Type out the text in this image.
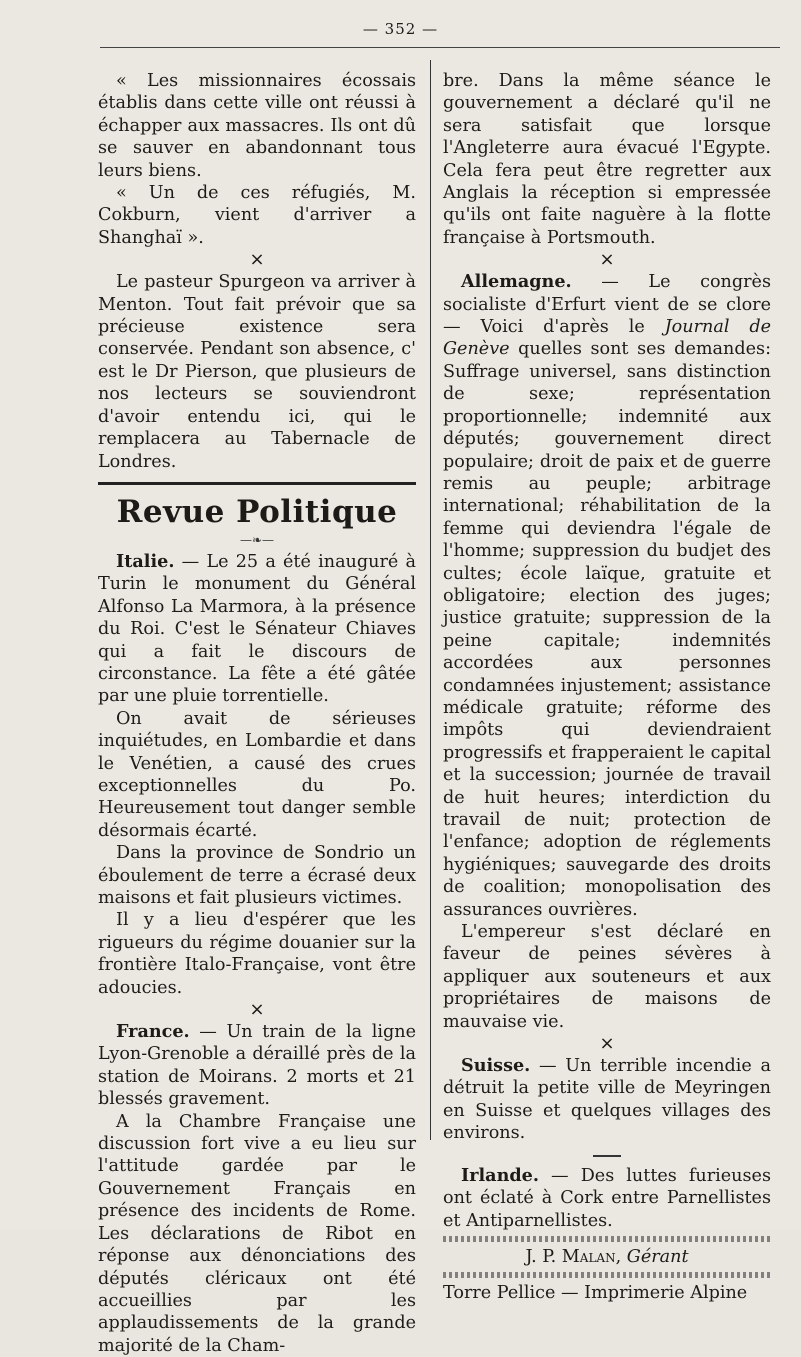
— 352 —

« Les missionnaires écossais établis dans cette ville ont réussi à échapper aux massacres. Ils ont dû se sauver en abandonnant tous leurs biens.

« Un de ces réfugiés, M. Cokburn, vient d'arriver a Shanghaï ».

×

Le pasteur Spurgeon va arriver à Menton. Tout fait prévoir que sa précieuse existence sera conservée. Pendant son absence, c' est le Dr Pierson, que plusieurs de nos lecteurs se souviendront d'avoir entendu ici, qui le remplacera au Tabernacle de Londres.

Revue Politique
—❧—

Italie. — Le 25 a été inauguré à Turin le monument du Général Alfonso La Marmora, à la présence du Roi. C'est le Sénateur Chiaves qui a fait le discours de circonstance. La fête a été gâtée par une pluie torrentielle.

On avait de sérieuses inquiétudes, en Lombardie et dans le Venétien, a causé des crues exceptionnelles du Po. Heureusement tout danger semble désormais écarté.

Dans la province de Sondrio un éboulement de terre a écrasé deux maisons et fait plusieurs victimes.

Il y a lieu d'espérer que les rigueurs du régime douanier sur la frontière Italo-Française, vont être adoucies.

×

France. — Un train de la ligne Lyon-Grenoble a déraillé près de la station de Moirans. 2 morts et 21 blessés gravement.

A la Chambre Française une discussion fort vive a eu lieu sur l'attitude gardée par le Gouvernement Français en présence des incidents de Rome. Les déclarations de Ribot en réponse aux dénonciations des députés cléricaux ont été accueillies par les applaudissements de la grande majorité de la Cham-

bre. Dans la même séance le gouvernement a déclaré qu'il ne sera satisfait que lorsque l'Angleterre aura évacué l'Egypte. Cela fera peut être regretter aux Anglais la réception si empressée qu'ils ont faite naguère à la flotte française à Portsmouth.

×

Allemagne. — Le congrès socialiste d'Erfurt vient de se clore — Voici d'après le Journal de Genève quelles sont ses demandes: Suffrage universel, sans distinction de sexe; représentation proportionnelle; indemnité aux députés; gouvernement direct populaire; droit de paix et de guerre remis au peuple; arbitrage international; réhabilitation de la femme qui deviendra l'égale de l'homme; suppression du budjet des cultes; école laïque, gratuite et obligatoire; election des juges; justice gratuite; suppression de la peine capitale; indemnités accordées aux personnes condamnées injustement; assistance médicale gratuite; réforme des impôts qui deviendraient progressifs et frapperaient le capital et la succession; journée de travail de huit heures; interdiction du travail de nuit; protection de l'enfance; adoption de réglements hygiéniques; sauvegarde des droits de coalition; monopolisation des assurances ouvrières.

L'empereur s'est déclaré en faveur de peines sévères à appliquer aux souteneurs et aux propriétaires de maisons de mauvaise vie.

×

Suisse. — Un terrible incendie a détruit la petite ville de Meyringen en Suisse et quelques villages des environs.

Irlande. — Des luttes furieuses ont éclaté à Cork entre Parnellistes et Antiparnellistes.

J. P. Malan, Gérant

Torre Pellice — Imprimerie Alpine
